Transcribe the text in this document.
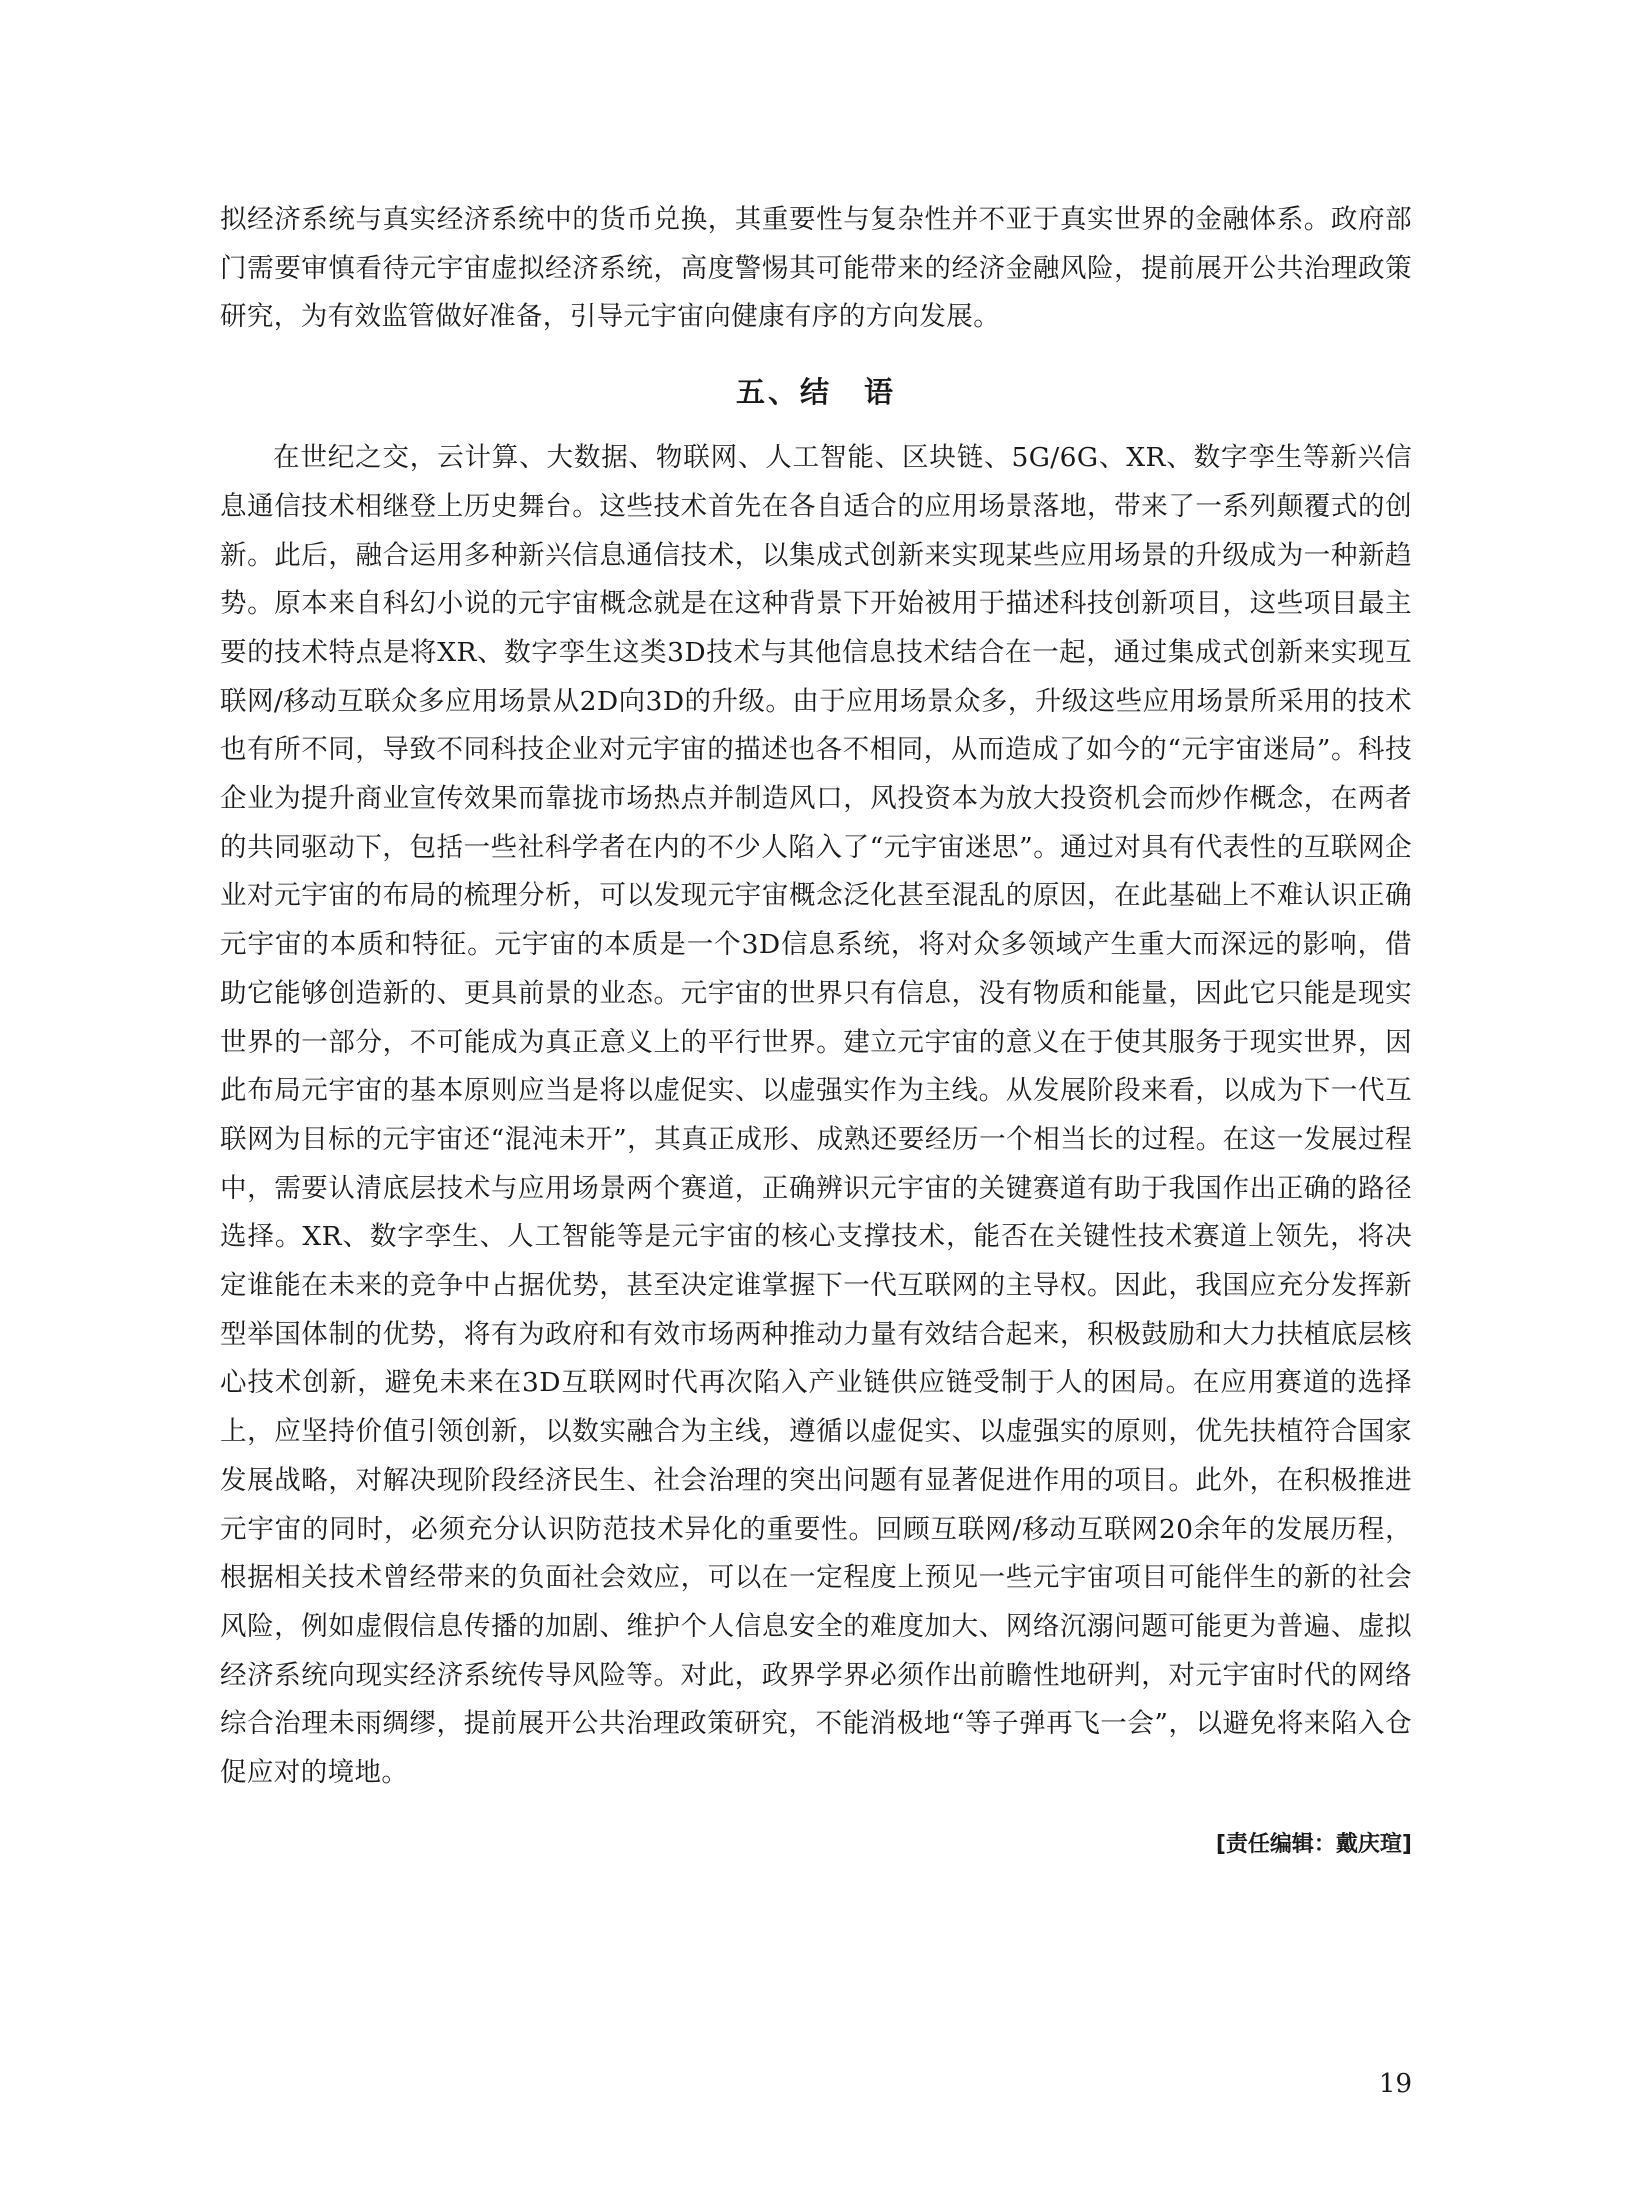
拟经济系统与真实经济系统中的货币兑换，其重要性与复杂性并不亚于真实世界的金融体系。政府部门需要审慎看待元宇宙虚拟经济系统，高度警惕其可能带来的经济金融风险，提前展开公共治理政策研究，为有效监管做好准备，引导元宇宙向健康有序的方向发展。

五、结　语

在世纪之交，云计算、大数据、物联网、人工智能、区块链、5G/6G、XR、数字孪生等新兴信息通信技术相继登上历史舞台。这些技术首先在各自适合的应用场景落地，带来了一系列颠覆式的创新。此后，融合运用多种新兴信息通信技术，以集成式创新来实现某些应用场景的升级成为一种新趋势。原本来自科幻小说的元宇宙概念就是在这种背景下开始被用于描述科技创新项目，这些项目最主要的技术特点是将XR、数字孪生这类3D技术与其他信息技术结合在一起，通过集成式创新来实现互联网/移动互联众多应用场景从2D向3D的升级。由于应用场景众多，升级这些应用场景所采用的技术也有所不同，导致不同科技企业对元宇宙的描述也各不相同，从而造成了如今的“元宇宙迷局”。科技企业为提升商业宣传效果而靠拢市场热点并制造风口，风投资本为放大投资机会而炒作概念，在两者的共同驱动下，包括一些社科学者在内的不少人陷入了“元宇宙迷思”。通过对具有代表性的互联网企业对元宇宙的布局的梳理分析，可以发现元宇宙概念泛化甚至混乱的原因，在此基础上不难认识正确元宇宙的本质和特征。元宇宙的本质是一个3D信息系统，将对众多领域产生重大而深远的影响，借助它能够创造新的、更具前景的业态。元宇宙的世界只有信息，没有物质和能量，因此它只能是现实世界的一部分，不可能成为真正意义上的平行世界。建立元宇宙的意义在于使其服务于现实世界，因此布局元宇宙的基本原则应当是将以虚促实、以虚强实作为主线。从发展阶段来看，以成为下一代互联网为目标的元宇宙还“混沌未开”，其真正成形、成熟还要经历一个相当长的过程。在这一发展过程中，需要认清底层技术与应用场景两个赛道，正确辨识元宇宙的关键赛道有助于我国作出正确的路径选择。XR、数字孪生、人工智能等是元宇宙的核心支撑技术，能否在关键性技术赛道上领先，将决定谁能在未来的竞争中占据优势，甚至决定谁掌握下一代互联网的主导权。因此，我国应充分发挥新型举国体制的优势，将有为政府和有效市场两种推动力量有效结合起来，积极鼓励和大力扶植底层核心技术创新，避免未来在3D互联网时代再次陷入产业链供应链受制于人的困局。在应用赛道的选择上，应坚持价值引领创新，以数实融合为主线，遵循以虚促实、以虚强实的原则，优先扶植符合国家发展战略，对解决现阶段经济民生、社会治理的突出问题有显著促进作用的项目。此外，在积极推进元宇宙的同时，必须充分认识防范技术异化的重要性。回顾互联网/移动互联网20余年的发展历程，根据相关技术曾经带来的负面社会效应，可以在一定程度上预见一些元宇宙项目可能伴生的新的社会风险，例如虚假信息传播的加剧、维护个人信息安全的难度加大、网络沉溺问题可能更为普遍、虚拟经济系统向现实经济系统传导风险等。对此，政界学界必须作出前瞻性地研判，对元宇宙时代的网络综合治理未雨绸缪，提前展开公共治理政策研究，不能消极地“等子弹再飞一会”，以避免将来陷入仓促应对的境地。

[责任编辑：戴庆瑄]
19
